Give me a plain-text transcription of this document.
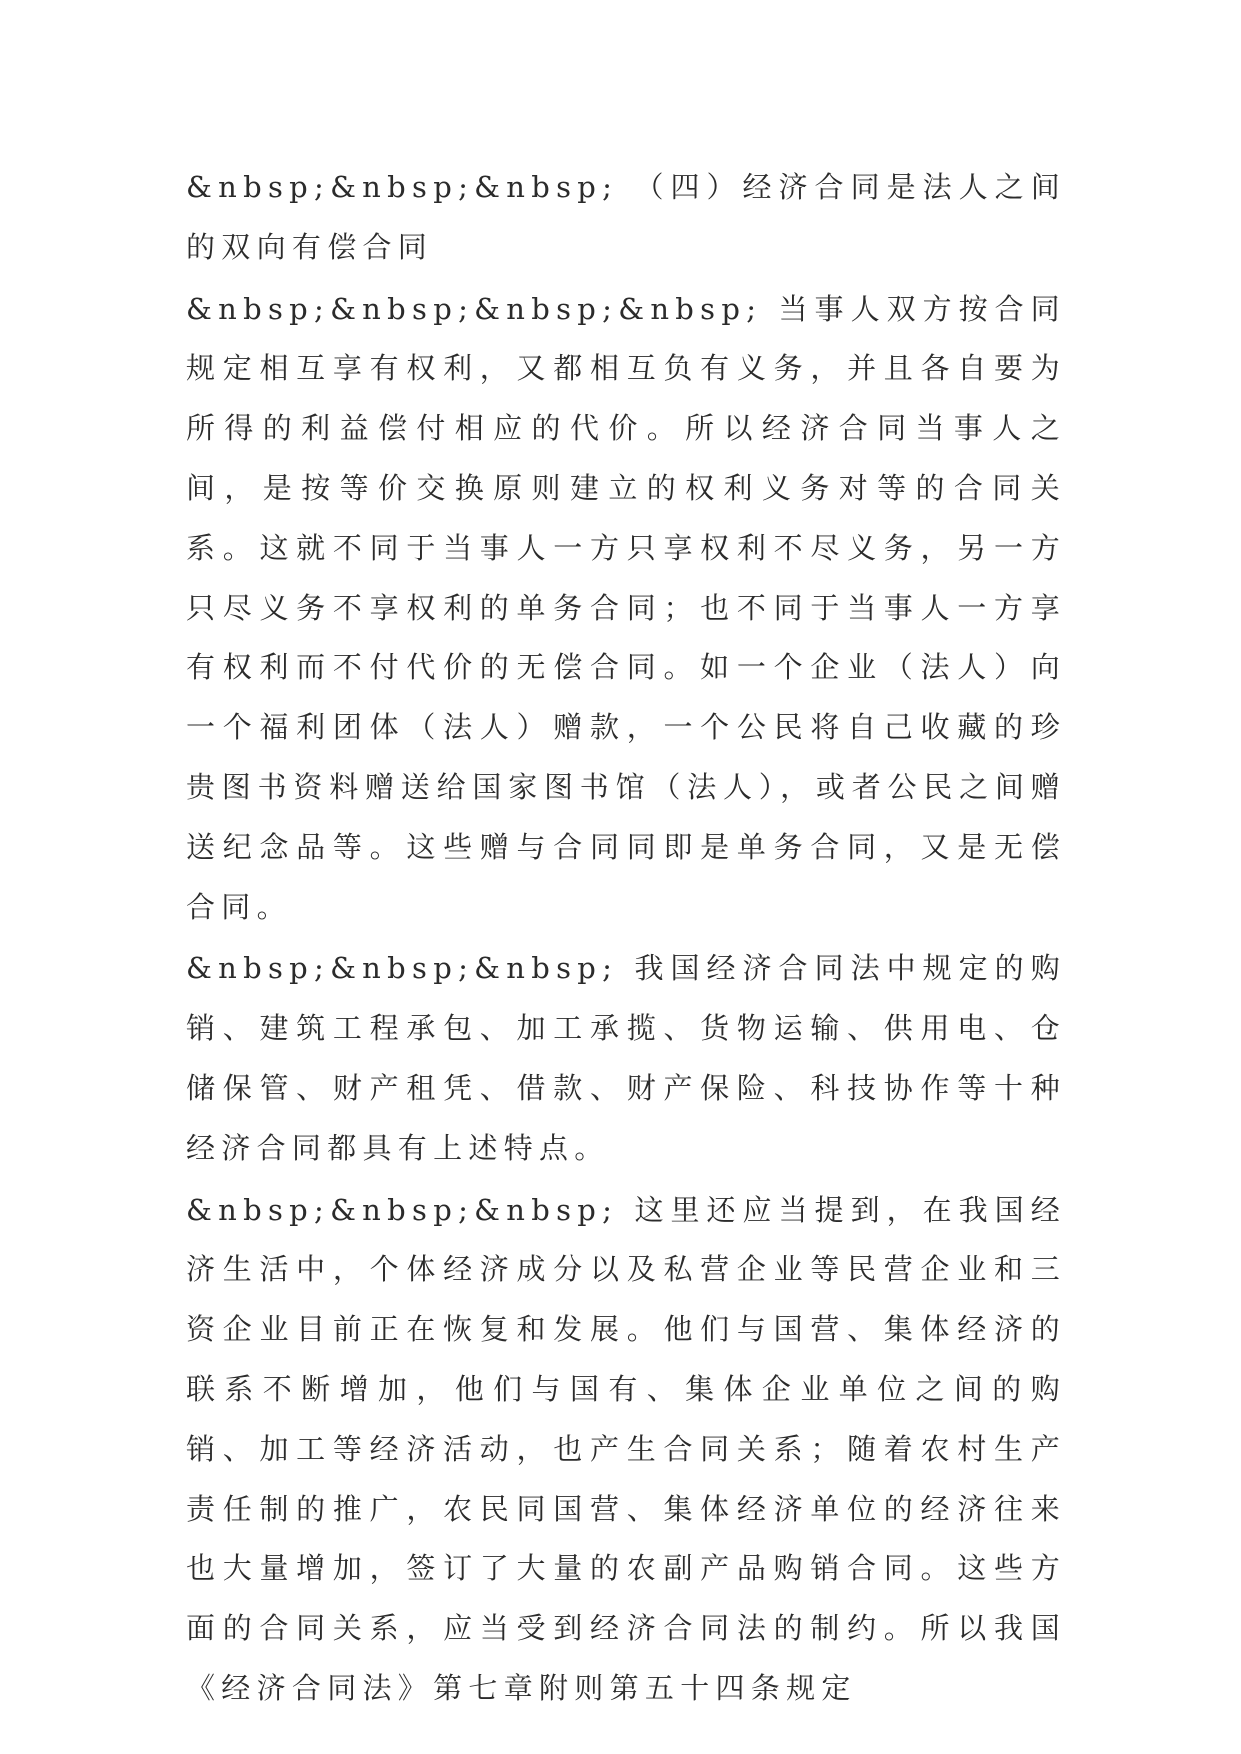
&nbsp;&nbsp;&nbsp; （四）经济合同是法人之间的双向有偿合同

&nbsp;&nbsp;&nbsp;&nbsp; 当事人双方按合同规定相互享有权利，又都相互负有义务，并且各自要为所得的利益偿付相应的代价。所以经济合同当事人之间，是按等价交换原则建立的权利义务对等的合同关系。这就不同于当事人一方只享权利不尽义务，另一方只尽义务不享权利的单务合同；也不同于当事人一方享有权利而不付代价的无偿合同。如一个企业（法人）向一个福利团体（法人）赠款，一个公民将自己收藏的珍贵图书资料赠送给国家图书馆（法人），或者公民之间赠送纪念品等。这些赠与合同同即是单务合同，又是无偿合同。

&nbsp;&nbsp;&nbsp; 我国经济合同法中规定的购销、建筑工程承包、加工承揽、货物运输、供用电、仓储保管、财产租凭、借款、财产保险、科技协作等十种经济合同都具有上述特点。

&nbsp;&nbsp;&nbsp; 这里还应当提到，在我国经济生活中，个体经济成分以及私营企业等民营企业和三资企业目前正在恢复和发展。他们与国营、集体经济的联系不断增加，他们与国有、集体企业单位之间的购销、加工等经济活动，也产生合同关系；随着农村生产责任制的推广，农民同国营、集体经济单位的经济往来也大量增加，签订了大量的农副产品购销合同。这些方面的合同关系，应当受到经济合同法的制约。所以我国《经济合同法》第七章附则第五十四条规定
